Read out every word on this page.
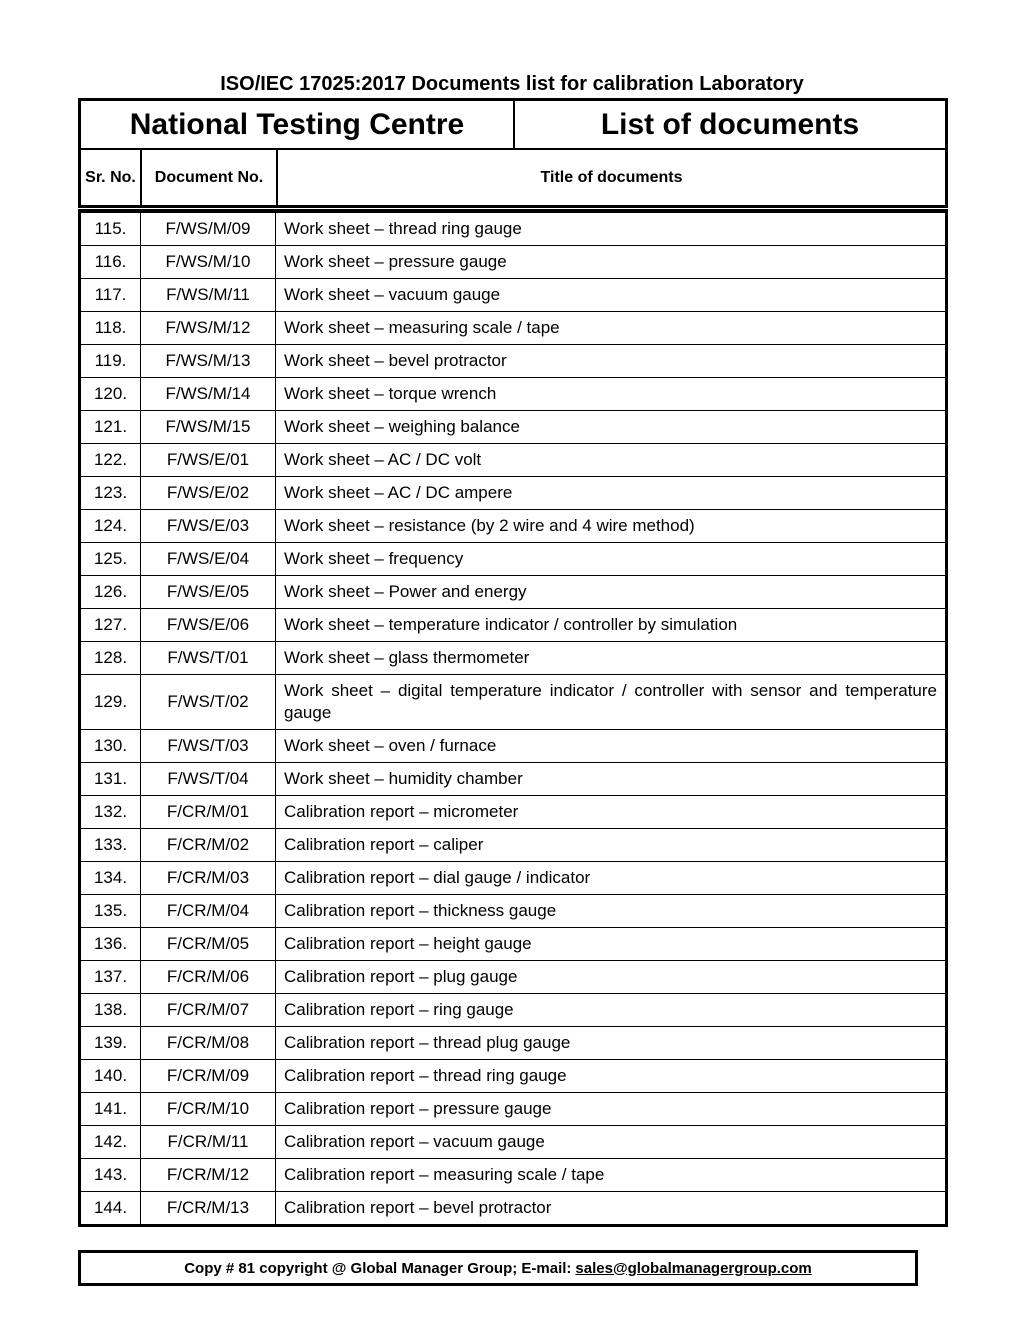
ISO/IEC 17025:2017 Documents list for calibration Laboratory
National Testing Centre	List of documents
Sr. No.	Document No.	Title of documents
115.	F/WS/M/09	Work sheet – thread ring gauge
116.	F/WS/M/10	Work sheet – pressure gauge
117.	F/WS/M/11	Work sheet – vacuum gauge
118.	F/WS/M/12	Work sheet – measuring scale / tape
119.	F/WS/M/13	Work sheet – bevel protractor
120.	F/WS/M/14	Work sheet – torque wrench
121.	F/WS/M/15	Work sheet – weighing balance
122.	F/WS/E/01	Work sheet – AC / DC volt
123.	F/WS/E/02	Work sheet – AC / DC ampere
124.	F/WS/E/03	Work sheet – resistance (by 2 wire and 4 wire method)
125.	F/WS/E/04	Work sheet – frequency
126.	F/WS/E/05	Work sheet – Power and energy
127.	F/WS/E/06	Work sheet – temperature indicator / controller by simulation
128.	F/WS/T/01	Work sheet – glass thermometer
129.	F/WS/T/02	Work sheet – digital temperature indicator / controller with sensor and temperature gauge
130.	F/WS/T/03	Work sheet – oven / furnace
131.	F/WS/T/04	Work sheet – humidity chamber
132.	F/CR/M/01	Calibration report – micrometer
133.	F/CR/M/02	Calibration report – caliper
134.	F/CR/M/03	Calibration report – dial gauge / indicator
135.	F/CR/M/04	Calibration report – thickness gauge
136.	F/CR/M/05	Calibration report – height gauge
137.	F/CR/M/06	Calibration report – plug gauge
138.	F/CR/M/07	Calibration report – ring gauge
139.	F/CR/M/08	Calibration report – thread plug gauge
140.	F/CR/M/09	Calibration report – thread ring gauge
141.	F/CR/M/10	Calibration report – pressure gauge
142.	F/CR/M/11	Calibration report – vacuum gauge
143.	F/CR/M/12	Calibration report – measuring scale / tape
144.	F/CR/M/13	Calibration report – bevel protractor
Copy # 81 copyright @ Global Manager Group; E-mail: sales@globalmanagergroup.com
